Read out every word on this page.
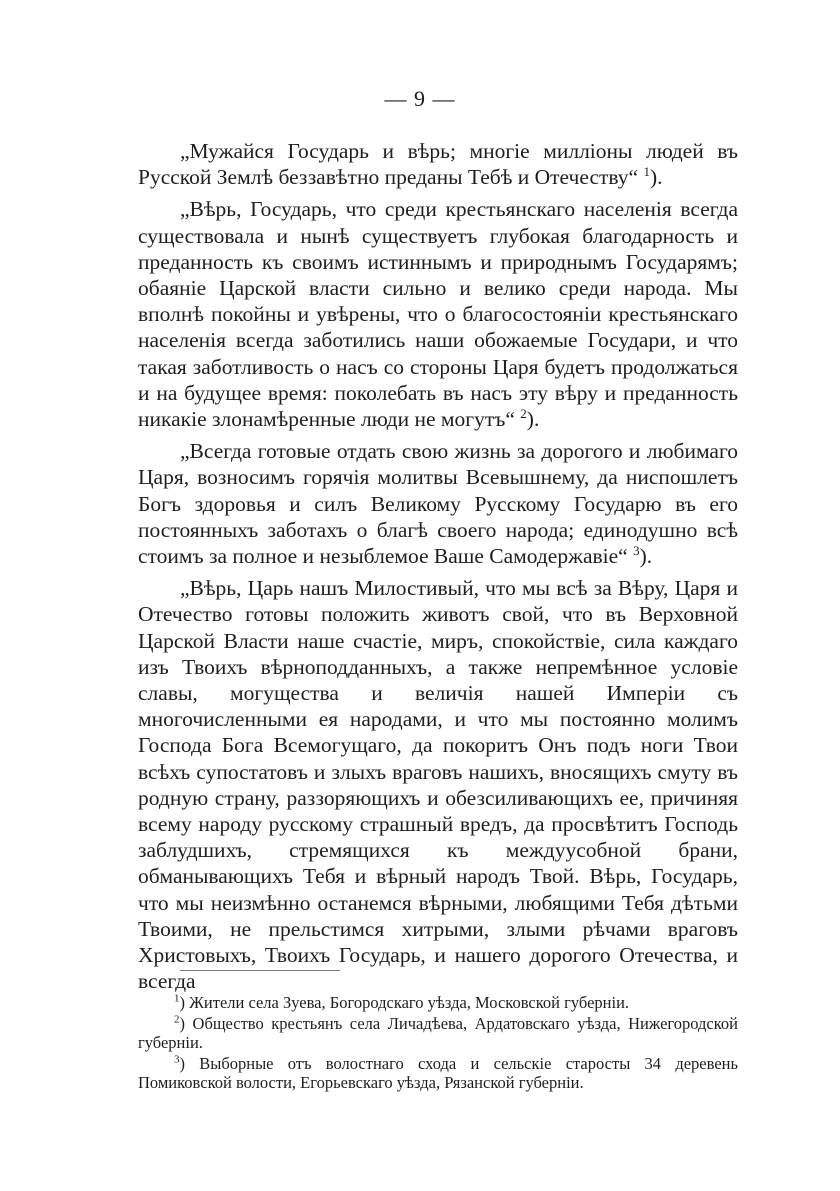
— 9 —

„Мужайся Государь и вѣрь; многіе милліоны людей въ Русской Землѣ беззавѣтно преданы Тебѣ и Отечеству“ $^1$).

„Вѣрь, Государь, что среди крестьянскаго населенія всегда существовала и нынѣ существуетъ глубокая благодарность и преданность къ своимъ истиннымъ и природнымъ Государямъ; обаяніе Царской власти сильно и велико среди народа. Мы вполнѣ покойны и увѣрены, что о благосостояніи крестьянскаго населенія всегда заботились наши обожаемые Государи, и что такая заботливость о насъ со стороны Царя будетъ продолжаться и на будущее время: поколебать въ насъ эту вѣру и преданность никакіе злонамѣренные люди не могутъ“ $^2$).

„Всегда готовые отдать свою жизнь за дорогого и любимаго Царя, возносимъ горячія молитвы Всевышнему, да ниспошлетъ Богъ здоровья и силъ Великому Русскому Государю въ его постоянныхъ заботахъ о благѣ своего народа; единодушно всѣ стоимъ за полное и незыблемое Ваше Самодержавіе“ $^3$).

„Вѣрь, Царь нашъ Милостивый, что мы всѣ за Вѣру, Царя и Отечество готовы положить животъ свой, что въ Верховной Царской Власти наше счастіе, миръ, спокойствіе, сила каждаго изъ Твоихъ вѣрноподданныхъ, а также непремѣнное условіе славы, могущества и величія нашей Имперіи съ многочисленными ея народами, и что мы постоянно молимъ Господа Бога Всемогущаго, да покоритъ Онъ подъ ноги Твои всѣхъ супостатовъ и злыхъ враговъ нашихъ, вносящихъ смуту въ родную страну, раззоряющихъ и обезсиливающихъ ее, причиняя всему народу русскому страшный вредъ, да просвѣтитъ Господь заблудшихъ, стремящихся къ междуусобной брани, обманывающихъ Тебя и вѣрный народъ Твой. Вѣрь, Государь, что мы неизмѣнно останемся вѣрными, любящими Тебя дѣтьми Твоими, не прельстимся хитрыми, злыми рѣчами враговъ Христовыхъ, Твоихъ Государь, и нашего дорогого Отечества, и всегда

$^1$) Жители села Зуева, Богородскаго уѣзда, Московской губерніи.

$^2$) Общество крестьянъ села Личадѣева, Ардатовскаго уѣзда, Нижегородской губерніи.

$^3$) Выборные отъ волостнаго схода и сельскіе старосты 34 деревень Помиковской волости, Егорьевскаго уѣзда, Рязанской губерніи.
